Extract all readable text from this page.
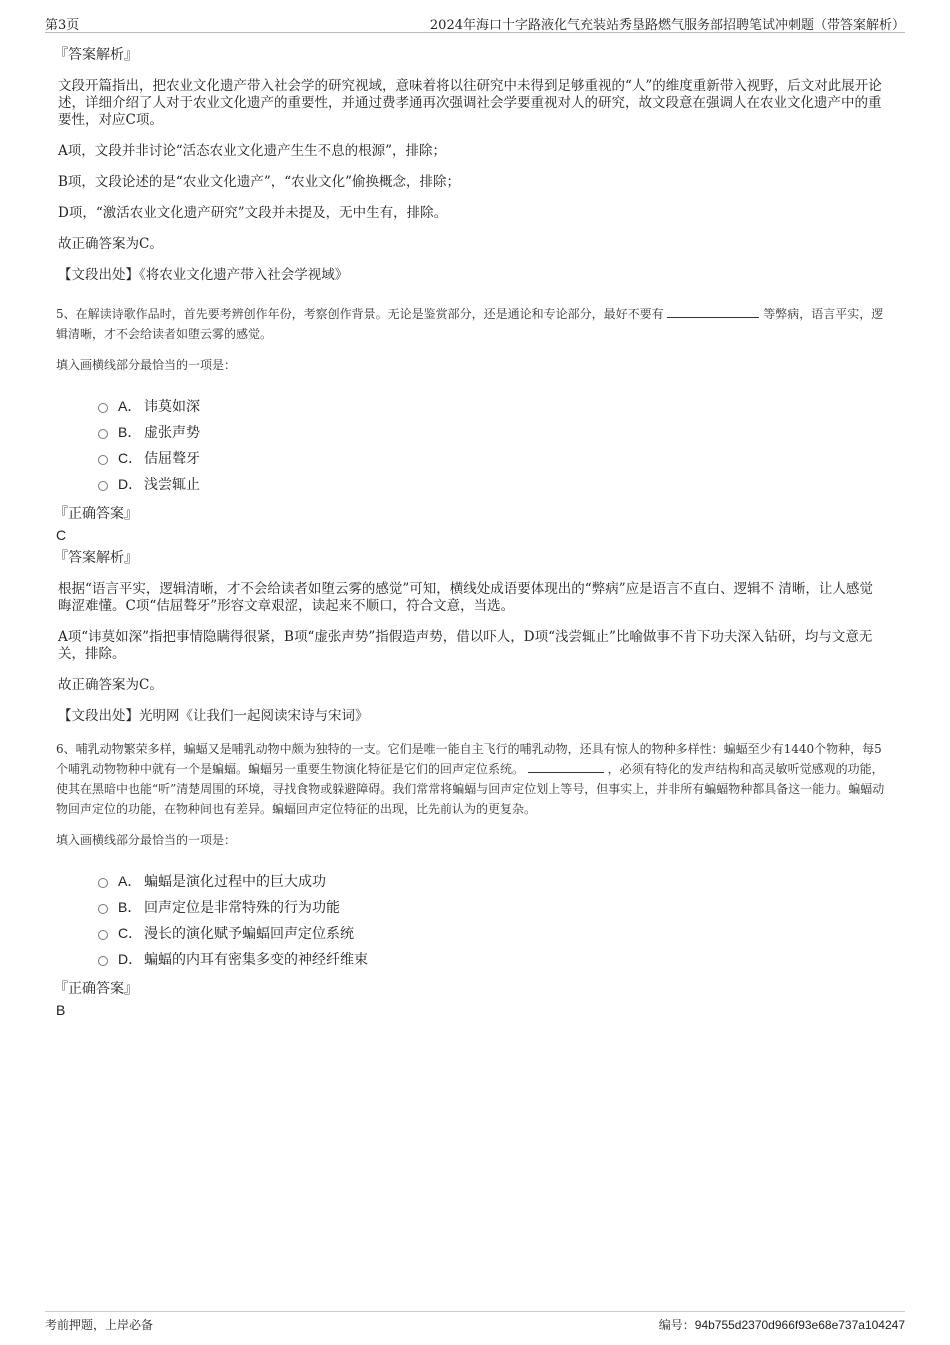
第3页	2024年海口十字路液化气充装站秀垦路燃气服务部招聘笔试冲刺题（带答案解析）
『答案解析』

文段开篇指出，把农业文化遗产带入社会学的研究视域，意味着将以往研究中未得到足够重视的“人”的维度重新带入视野，后文对此展开论述，详细介绍了人对于农业文化遗产的重要性，并通过费孝通再次强调社会学要重视对人的研究，故文段意在强调人在农业文化遗产中的重要性，对应C项。

A项，文段并非讨论“活态农业文化遗产生生不息的根源”，排除；

B项，文段论述的是“农业文化遗产”，“农业文化”偷换概念，排除；

D项，“激活农业文化遗产研究”文段并未提及，无中生有，排除。

故正确答案为C。

【文段出处】《将农业文化遗产带入社会学视域》

5、在解读诗歌作品时，首先要考辨创作年份，考察创作背景。无论是鉴赏部分，还是通论和专论部分，最好不要有	等弊病，语言平实，逻辑清晰，才不会给读者如堕云雾的感觉。

填入画横线部分最恰当的一项是：
A． 讳莫如深
B． 虚张声势
C． 佶屈聱牙
D． 浅尝辄止
『正确答案』
C
『答案解析』

根据“语言平实，逻辑清晰，才不会给读者如堕云雾的感觉”可知，横线处成语要体现出的“弊病”应是语言不直白、逻辑不 清晰，让人感觉晦涩难懂。C项“佶屈聱牙”形容文章艰涩，读起来不顺口，符合文意，当选。

A项“讳莫如深”指把事情隐瞒得很紧，B项“虚张声势”指假造声势，借以吓人，D项“浅尝辄止”比喻做事不肯下功夫深入钻研，均与文意无关，排除。

故正确答案为C。

【文段出处】光明网《让我们一起阅读宋诗与宋词》

6、哺乳动物繁荣多样，蝙蝠又是哺乳动物中颇为独特的一支。它们是唯一能自主飞行的哺乳动物，还具有惊人的物种多样性：蝙蝠至少有1440个物种，每5个哺乳动物物种中就有一个是蝙蝠。蝙蝠另一重要生物演化特征是它们的回声定位系统。	，必须有特化的发声结构和高灵敏听觉感观的功能，使其在黑暗中也能“听”清楚周围的环境，寻找食物或躲避障碍。我们常常将蝙蝠与回声定位划上等号，但事实上，并非所有蝙蝠物种都具备这一能力。蝙蝠动物回声定位的功能，在物种间也有差异。蝙蝠回声定位特征的出现，比先前认为的更复杂。

填入画横线部分最恰当的一项是：
A． 蝙蝠是演化过程中的巨大成功
B． 回声定位是非常特殊的行为功能
C． 漫长的演化赋予蝙蝠回声定位系统
D． 蝙蝠的内耳有密集多变的神经纤维束
『正确答案』
B
考前押题，上岸必备	编号：94b755d2370d966f93e68e737a104247
